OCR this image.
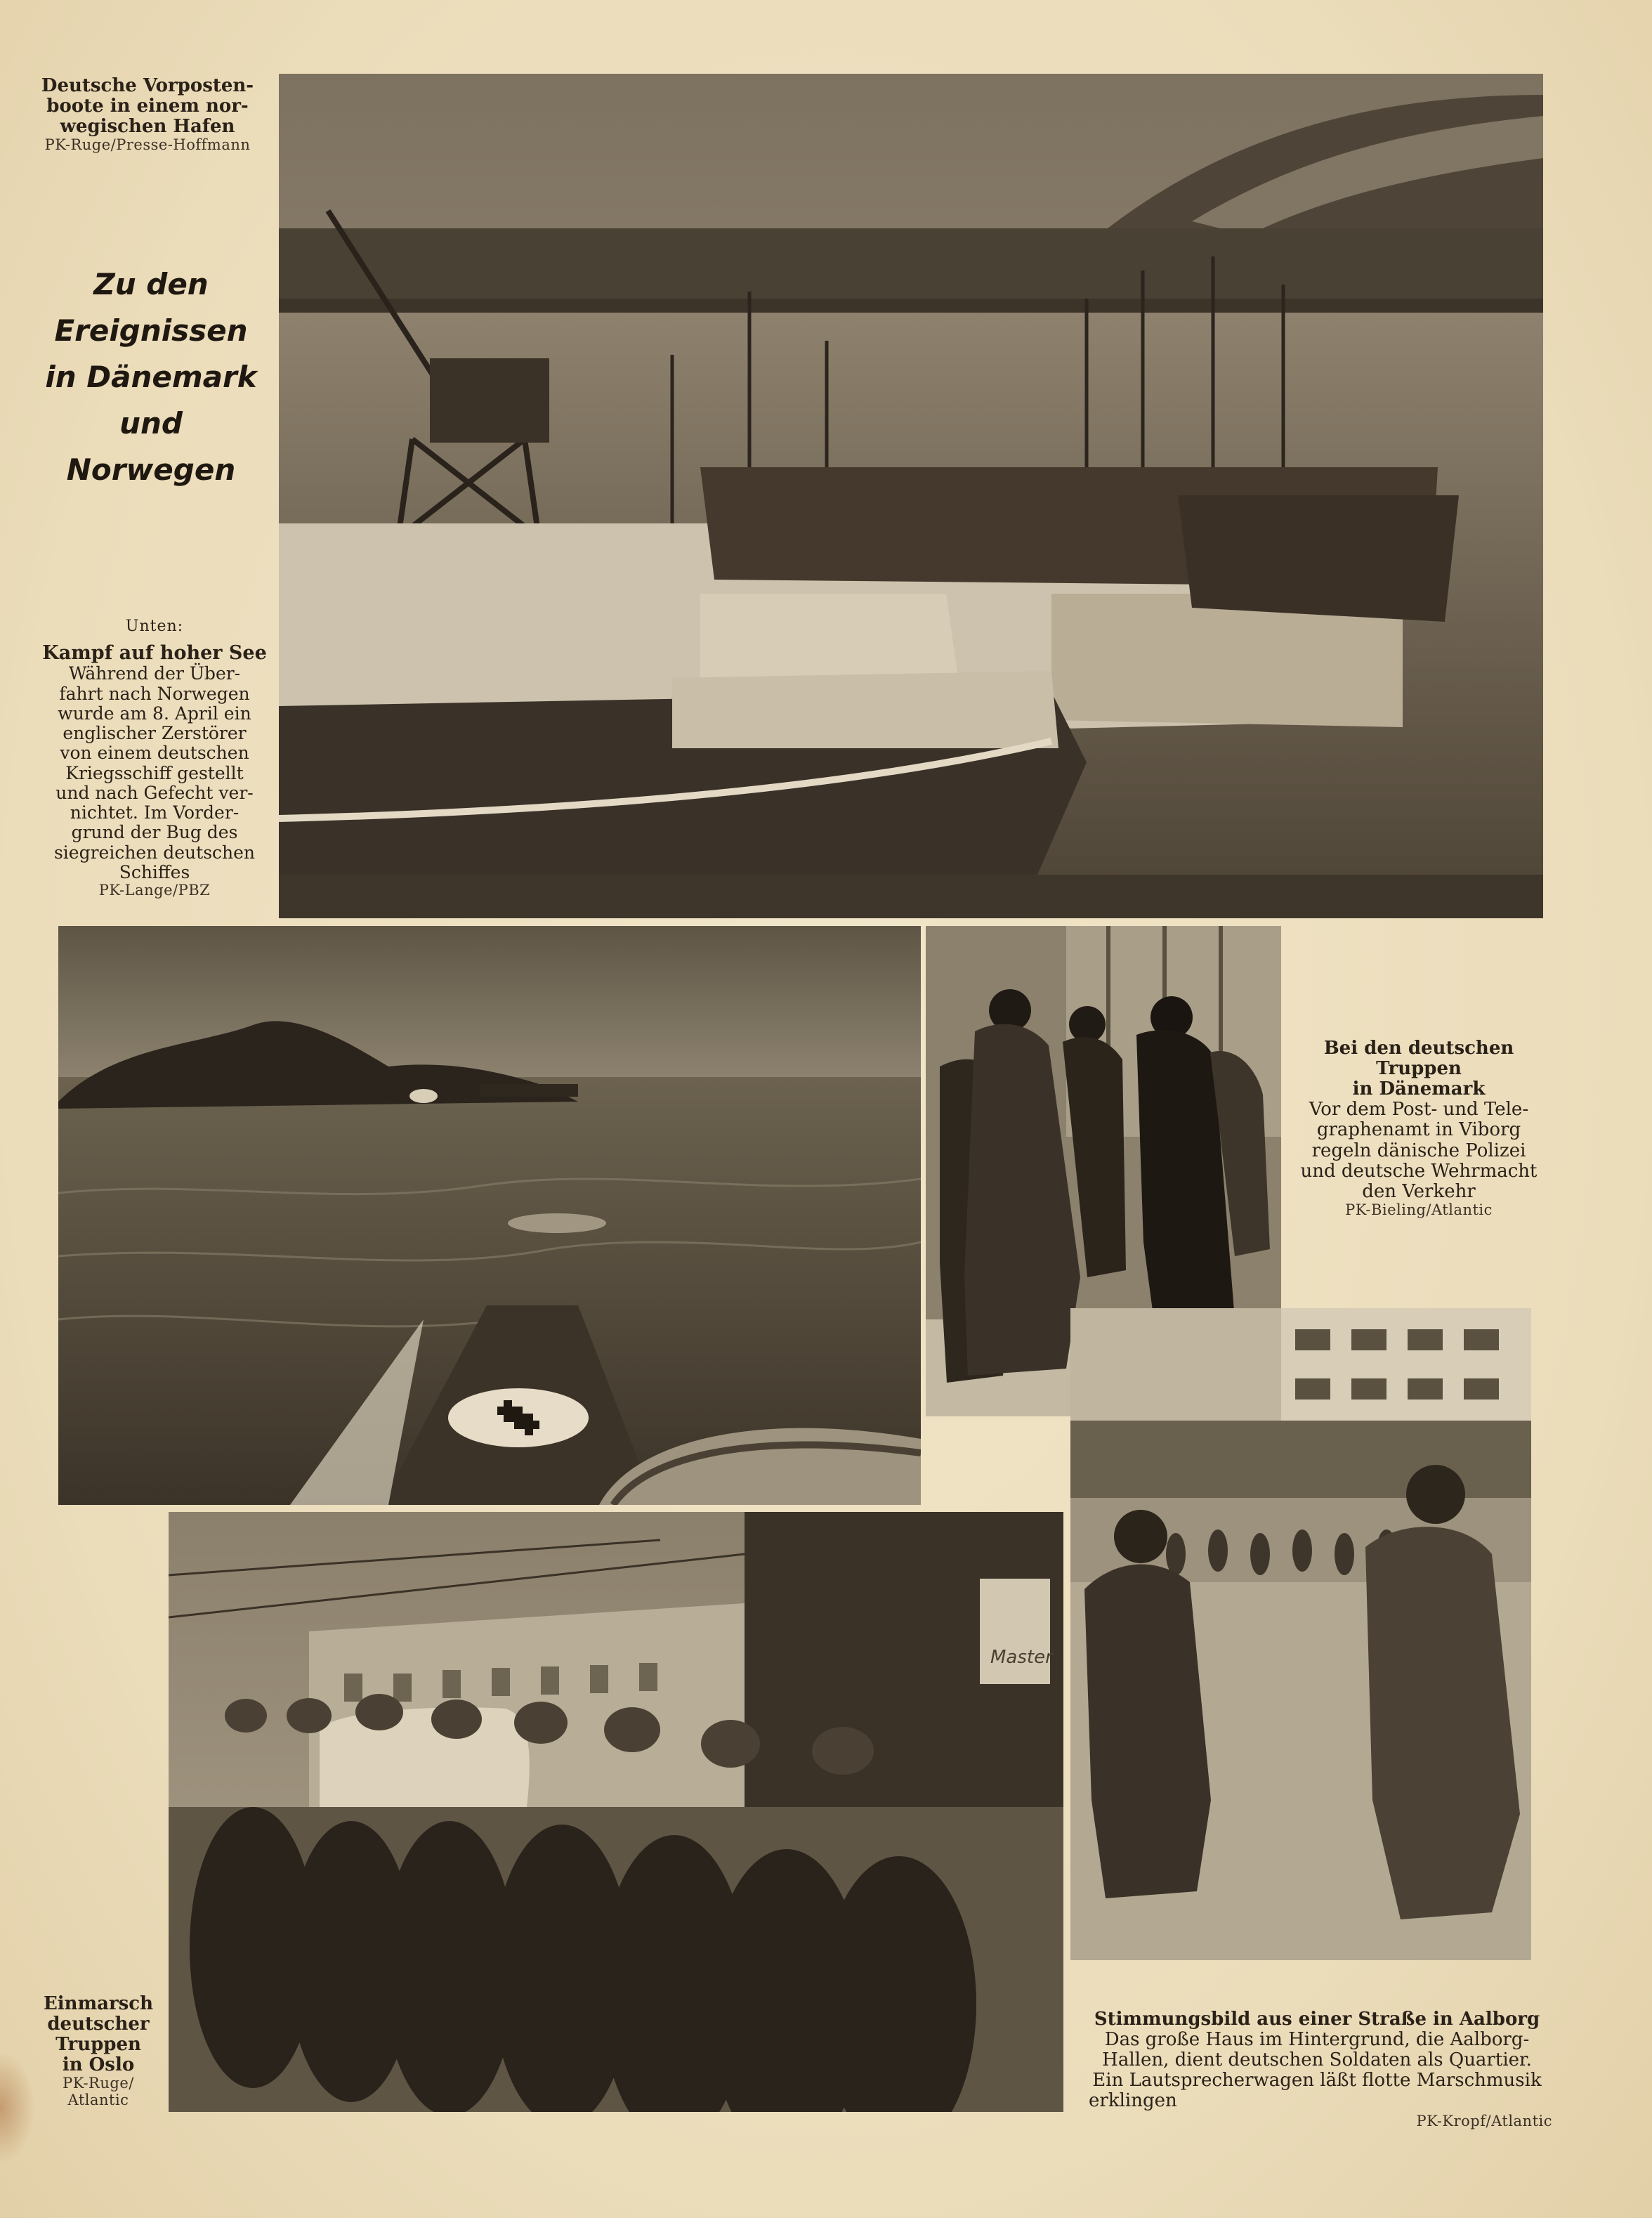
Master
Deutsche Vorposten-
boote in einem nor-
wegischen Hafen
PK-Ruge/Presse-Hoffmann
Zu den
Ereignissen
in Dänemark
und
Norwegen
Unten:
Kampf auf hoher See
Während der Über-
fahrt nach Norwegen
wurde am 8. April ein
englischer Zerstörer
von einem deutschen
Kriegsschiff gestellt
und nach Gefecht ver-
nichtet. Im Vorder-
grund der Bug des
siegreichen deutschen
Schiffes
PK-Lange/PBZ
Bei den deutschen Truppen
in Dänemark
Vor dem Post- und Tele-
graphenamt in Viborg
regeln dänische Polizei
und deutsche Wehrmacht
den Verkehr
PK-Bieling/Atlantic
Einmarsch
deutscher
Truppen
in Oslo
PK-Ruge/
Atlantic
Stimmungsbild aus einer Straße in Aalborg
Das große Haus im Hintergrund, die Aalborg-
Hallen, dient deutschen Soldaten als Quartier.
Ein Lautsprecherwagen läßt flotte Marschmusik
erklingen
PK-Kropf/Atlantic
